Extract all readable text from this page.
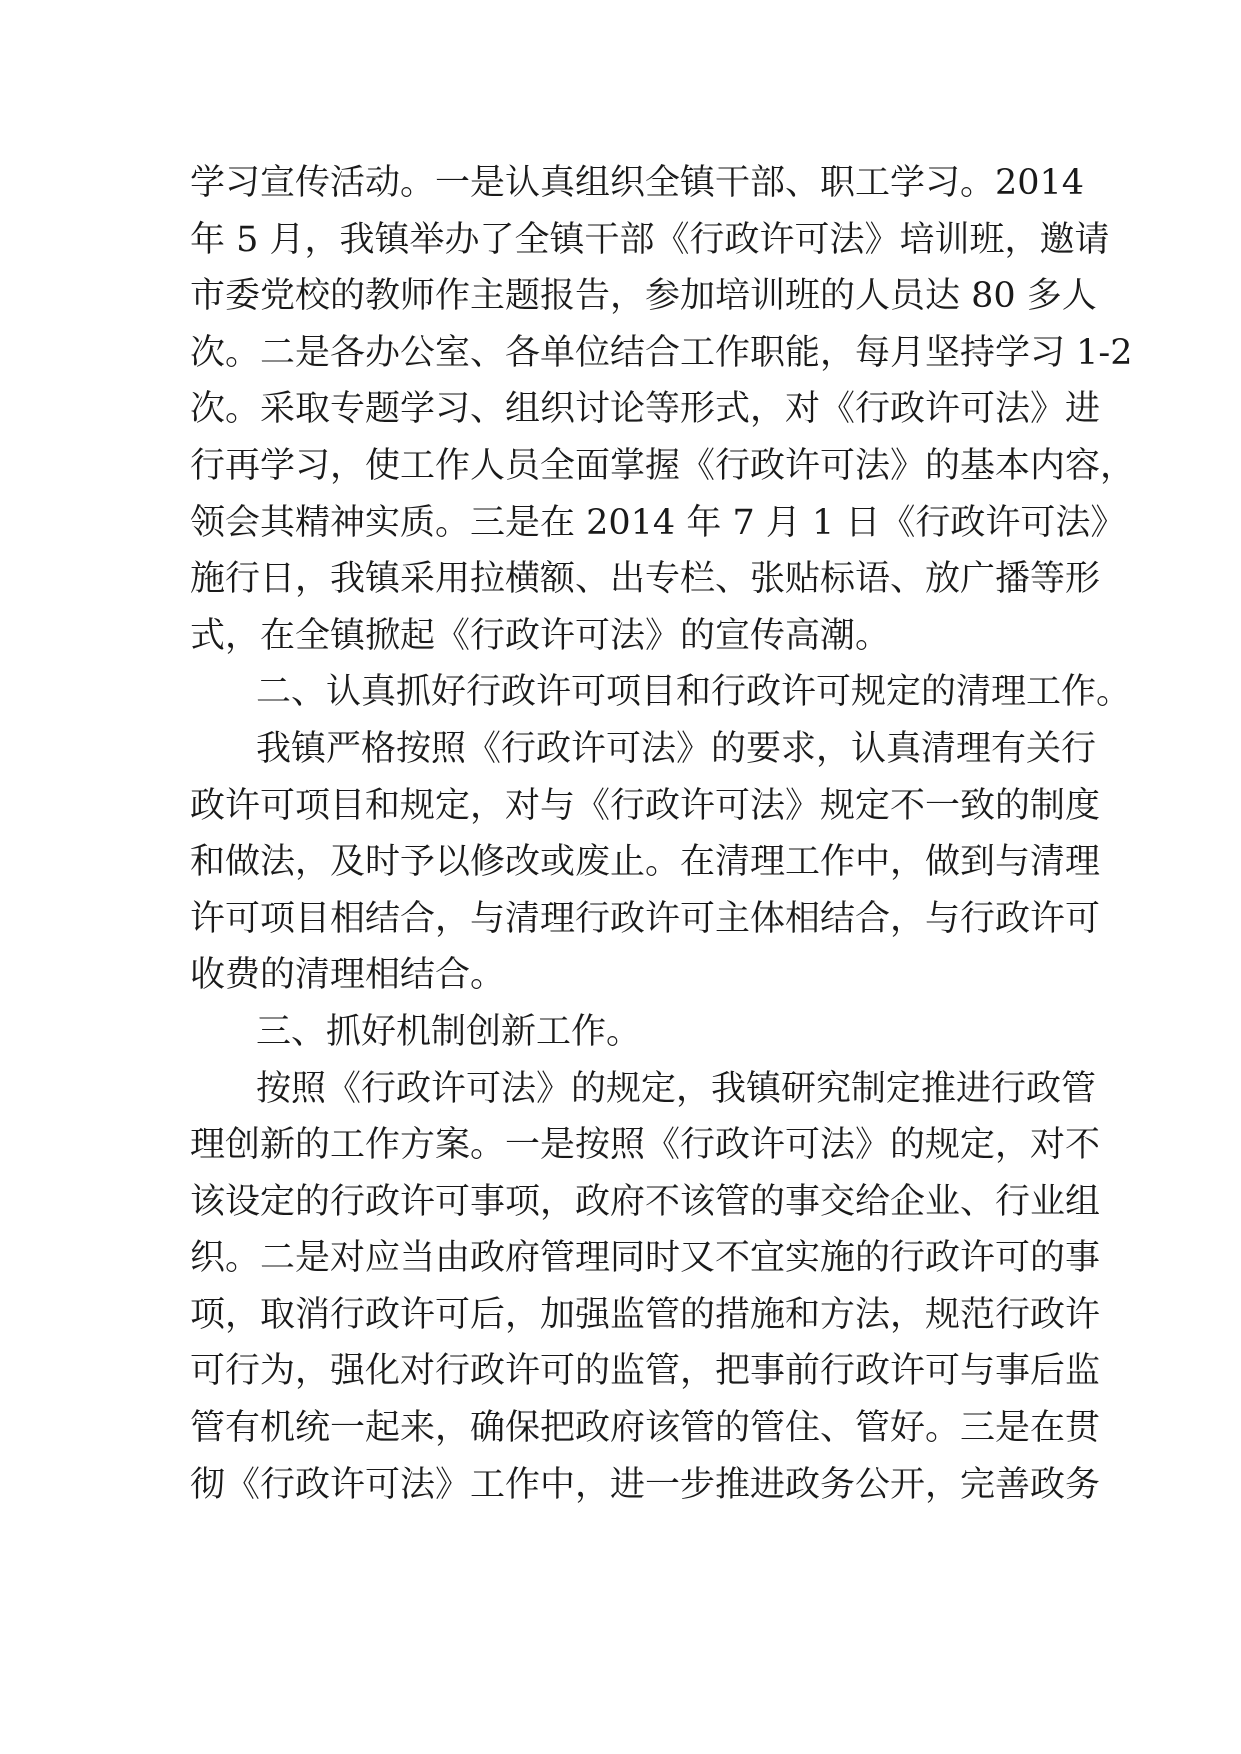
学习宣传活动。一是认真组织全镇干部、职工学习。2014
年 5 月，我镇举办了全镇干部《行政许可法》培训班，邀请
市委党校的教师作主题报告，参加培训班的人员达 80 多人
次。二是各办公室、各单位结合工作职能，每月坚持学习 1-2
次。采取专题学习、组织讨论等形式，对《行政许可法》进
行再学习，使工作人员全面掌握《行政许可法》的基本内容，
领会其精神实质。三是在 2014 年 7 月 1 日《行政许可法》
施行日，我镇采用拉横额、出专栏、张贴标语、放广播等形
式，在全镇掀起《行政许可法》的宣传高潮。
二、认真抓好行政许可项目和行政许可规定的清理工作。
我镇严格按照《行政许可法》的要求，认真清理有关行
政许可项目和规定，对与《行政许可法》规定不一致的制度
和做法，及时予以修改或废止。在清理工作中，做到与清理
许可项目相结合，与清理行政许可主体相结合，与行政许可
收费的清理相结合。
三、抓好机制创新工作。
按照《行政许可法》的规定，我镇研究制定推进行政管
理创新的工作方案。一是按照《行政许可法》的规定，对不
该设定的行政许可事项，政府不该管的事交给企业、行业组
织。二是对应当由政府管理同时又不宜实施的行政许可的事
项，取消行政许可后，加强监管的措施和方法，规范行政许
可行为，强化对行政许可的监管，把事前行政许可与事后监
管有机统一起来，确保把政府该管的管住、管好。三是在贯
彻《行政许可法》工作中，进一步推进政务公开，完善政务
